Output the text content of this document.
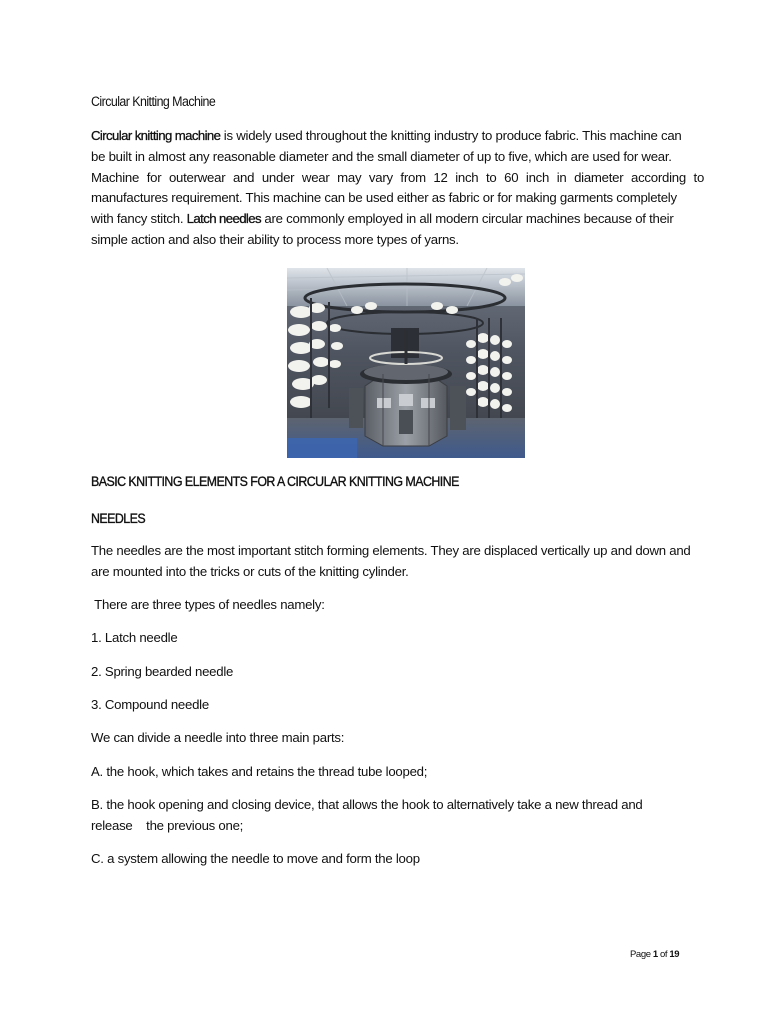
Circular Knitting Machine
Circular knitting machine is widely used throughout the knitting industry to produce fabric. This machine can
be built in almost any reasonable diameter and the small diameter of up to five, which are used for wear.
Machine for outerwear and under wear may vary from 12 inch to 60 inch in diameter according to
manufactures requirement. This machine can be used either as fabric or for making garments completely
with fancy stitch. Latch needles are commonly employed in all modern circular machines because of their
simple action and also their ability to process more types of yarns.
BASIC KNITTING ELEMENTS FOR A CIRCULAR KNITTING MACHINE
NEEDLES
The needles are the most important stitch forming elements. They are displaced vertically up and down and
are mounted into the tricks or cuts of the knitting cylinder.
There are three types of needles namely:
1. Latch needle
2. Spring bearded needle
3. Compound needle
We can divide a needle into three main parts:
A. the hook, which takes and retains the thread tube looped;
B. the hook opening and closing device, that allows the hook to alternatively take a new thread and
release    the previous one;
C. a system allowing the needle to move and form the loop
Page 1 of 19
